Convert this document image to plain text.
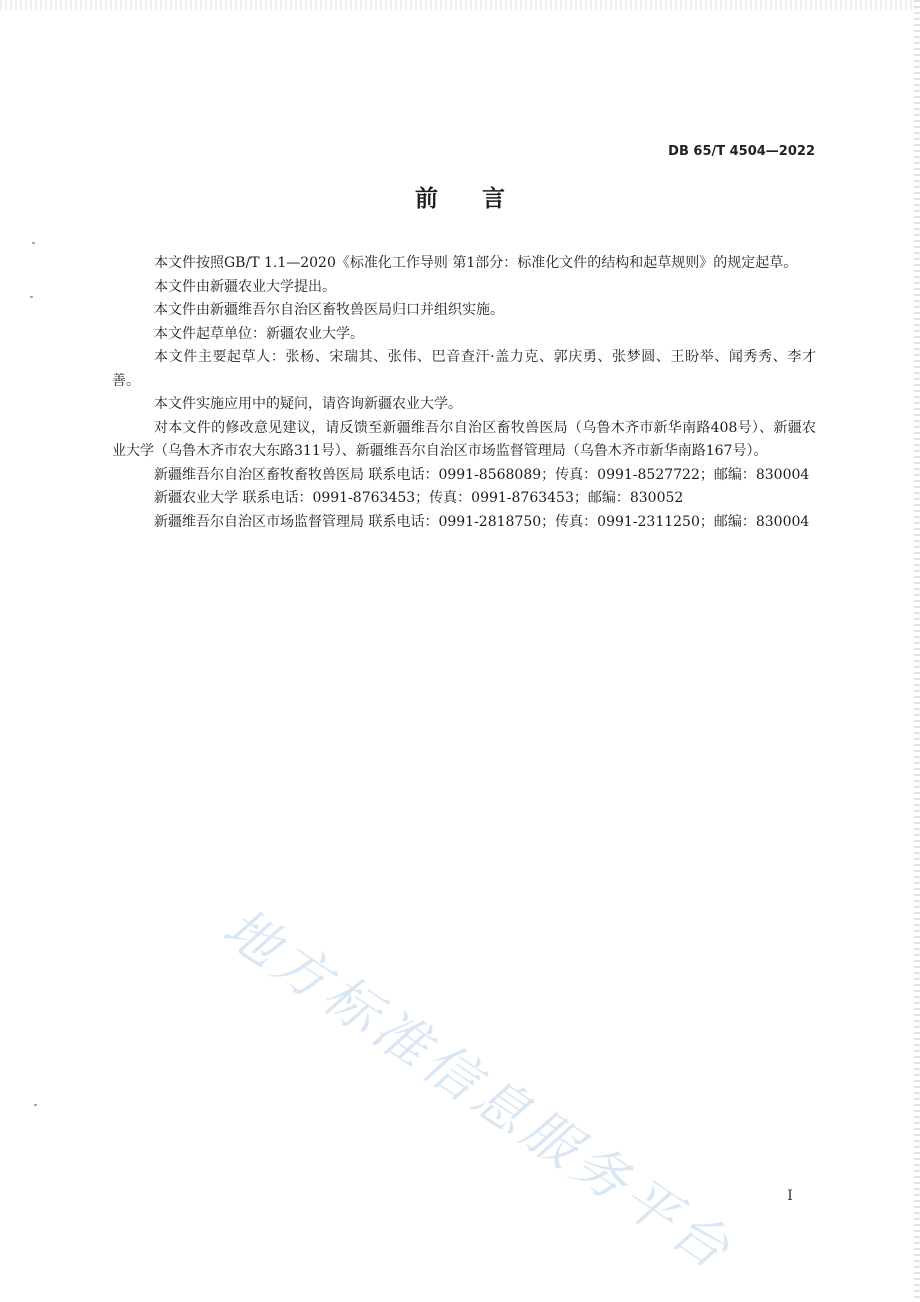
DB 65/T 4504—2022
前言

本文件按照GB/T 1.1—2020《标准化工作导则 第1部分：标准化文件的结构和起草规则》的规定起草。

本文件由新疆农业大学提出。

本文件由新疆维吾尔自治区畜牧兽医局归口并组织实施。

本文件起草单位：新疆农业大学。

本文件主要起草人：张杨、宋瑞其、张伟、巴音查汗·盖力克、郭庆勇、张梦圆、王盼举、闻秀秀、李才善。

本文件实施应用中的疑问，请咨询新疆农业大学。

对本文件的修改意见建议，请反馈至新疆维吾尔自治区畜牧兽医局（乌鲁木齐市新华南路408号）、新疆农业大学（乌鲁木齐市农大东路311号）、新疆维吾尔自治区市场监督管理局（乌鲁木齐市新华南路167号）。

新疆维吾尔自治区畜牧畜牧兽医局 联系电话：0991-8568089；传真：0991-8527722；邮编：830004

新疆农业大学 联系电话：0991-8763453；传真：0991-8763453；邮编：830052

新疆维吾尔自治区市场监督管理局 联系电话：0991-2818750；传真：0991-2311250；邮编：830004

地方标准信息服务平台	I
